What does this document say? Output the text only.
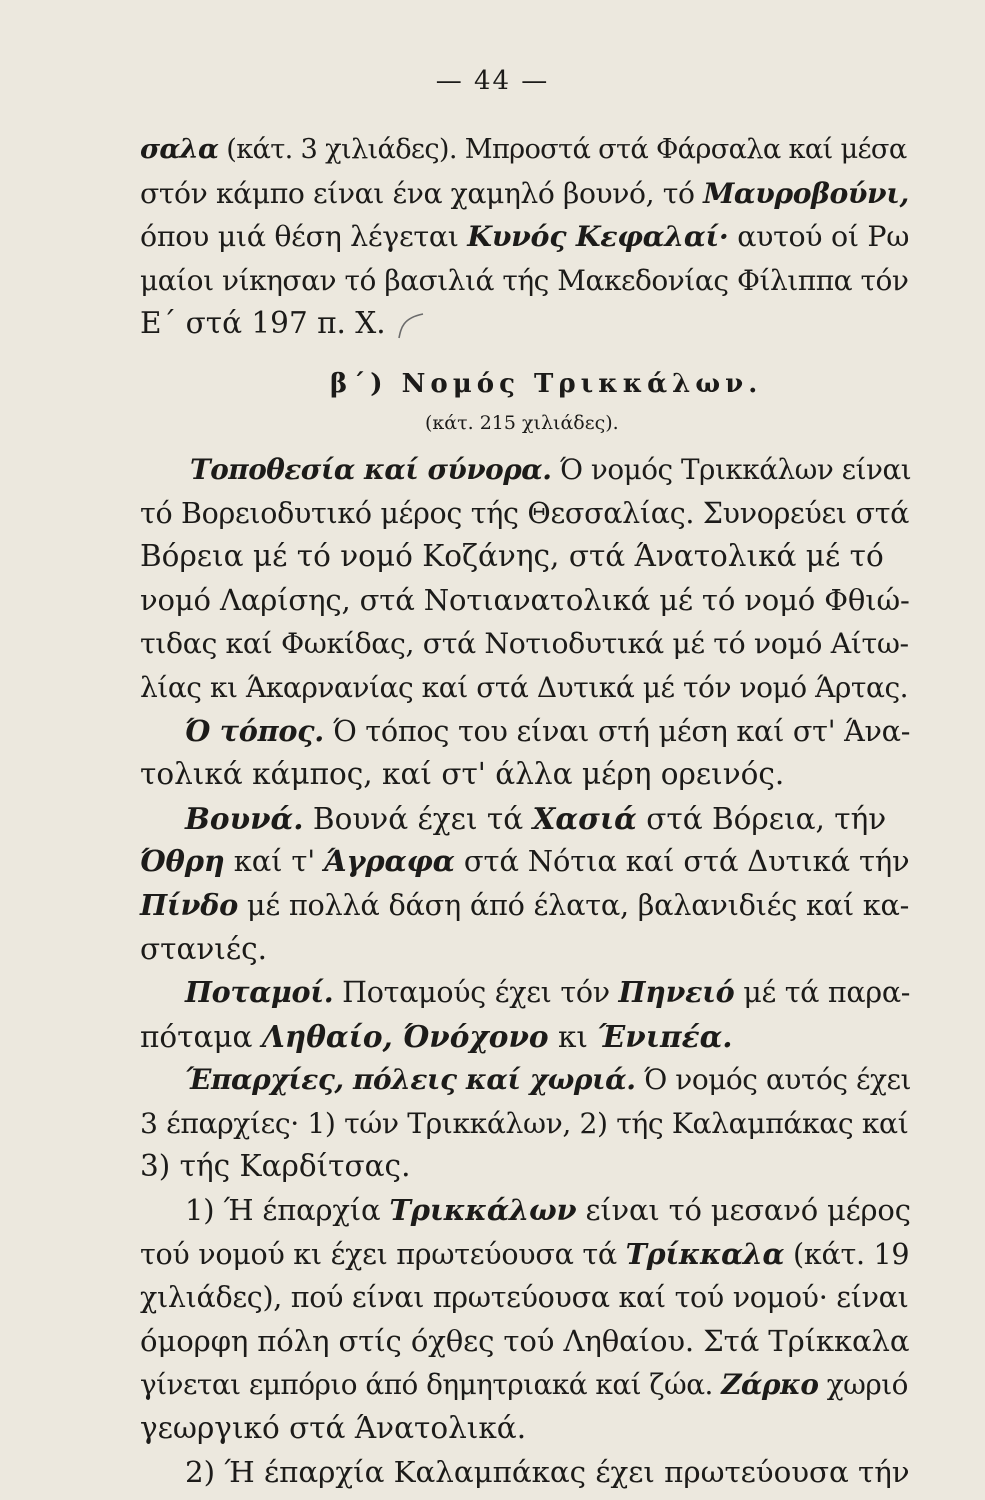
— 44 —
σαλα (κάτ. 3 χιλιάδες). Μπροστά στά Φάρσαλα καί μέσα
στόν κάμπο είναι ένα χαμηλό βουνό, τό Μαυροβούνι,
όπου μιά θέση λέγεται Κυνός Κεφαλαί· αυτού οί Ρω
μαίοι νίκησαν τό βασιλιά τής Μακεδονίας Φίλιππα τόν
Ε΄ στά 197 π. Χ.
β΄) Νομός Τρικκάλων.
(κάτ. 215 χιλιάδες).
Τοποθεσία καί σύνορα. Ό νομός Τρικκάλων είναι
τό Βορειοδυτικό μέρος τής Θεσσαλίας. Συνορεύει στά
Βόρεια μέ τό νομό Κοζάνης, στά Άνατολικά μέ τό
νομό Λαρίσης, στά Νοτιανατολικά μέ τό νομό Φθιώ-
τιδας καί Φωκίδας, στά Νοτιοδυτικά μέ τό νομό Αίτω-
λίας κι Άκαρνανίας καί στά Δυτικά μέ τόν νομό Άρτας.
Ό τόπος. Ό τόπος του είναι στή μέση καί στ' Άνα-
τολικά κάμπος, καί στ' άλλα μέρη ορεινός.
Βουνά. Βουνά έχει τά Χασιά στά Βόρεια, τήν
Όθρη καί τ' Άγραφα στά Νότια καί στά Δυτικά τήν
Πίνδο μέ πολλά δάση άπό έλατα, βαλανιδιές καί κα-
στανιές.
Ποταμοί. Ποταμούς έχει τόν Πηνειό μέ τά παρα-
πόταμα Ληθαίο, Όνόχονο κι Ένιπέα.
Έπαρχίες, πόλεις καί χωριά. Ό νομός αυτός έχει
3 έπαρχίες· 1) τών Τρικκάλων, 2) τής Καλαμπάκας καί
3) τής Καρδίτσας.
1) Ή έπαρχία Τρικκάλων είναι τό μεσανό μέρος
τού νομού κι έχει πρωτεύουσα τά Τρίκκαλα (κάτ. 19
χιλιάδες), πού είναι πρωτεύουσα καί τού νομού· είναι
όμορφη πόλη στίς όχθες τού Ληθαίου. Στά Τρίκκαλα
γίνεται εμπόριο άπό δημητριακά καί ζώα. Ζάρκο χωριό
γεωργικό στά Άνατολικά.
2) Ή έπαρχία Καλαμπάκας έχει πρωτεύουσα τήν
